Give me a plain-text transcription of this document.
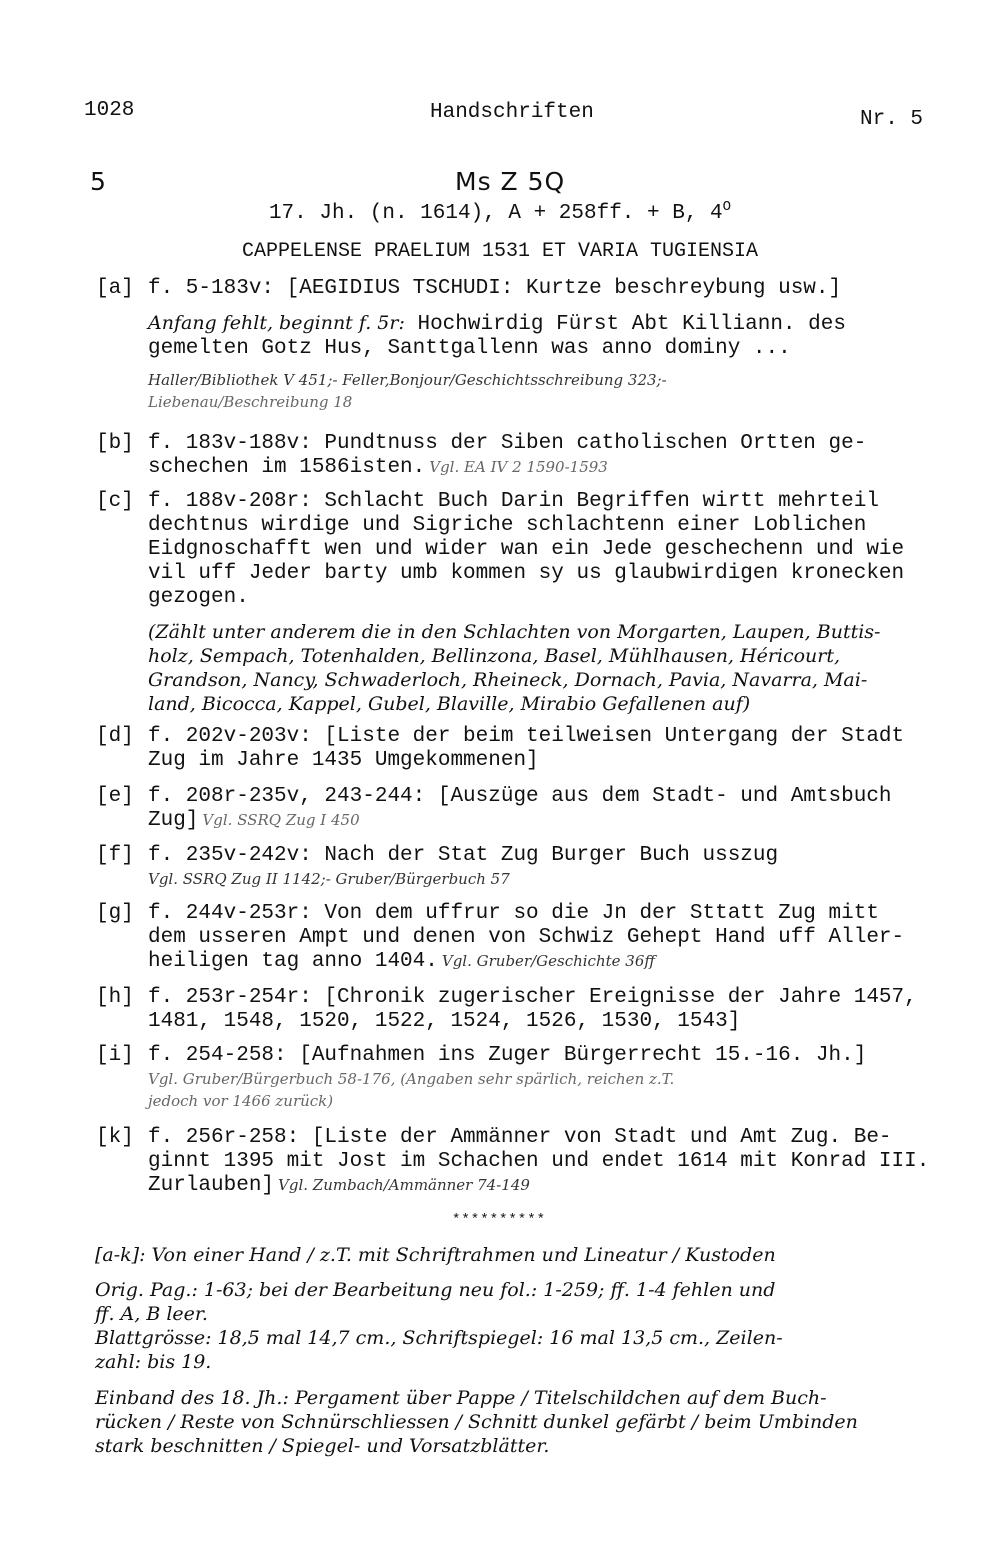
1028	Handschriften	Nr. 5
5	Ms Z 5Q
17. Jh. (n. 1614), A + 258ff. + B, $4^O$
CAPPELENSE PRAELIUM 1531 ET VARIA TUGIENSIA
[a] f. 5-183v: [AEGIDIUS TSCHUDI: Kurtze beschreybung usw.]
Anfang fehlt, beginnt f. 5r: Hochwirdig Fürst Abt Killiann. des
gemelten Gotz Hus, Santtgallenn was anno dominy ...
Haller/Bibliothek V 451;- Feller,Bonjour/Geschichtsschreibung 323;-
Liebenau/Beschreibung 18
[b] f. 183v-188v: Pundtnuss der Siben catholischen Ortten ge-
schechen im 1586isten. Vgl. EA IV 2 1590-1593
[c] f. 188v-208r: Schlacht Buch Darin Begriffen wirtt mehrteil
dechtnus wirdige und Sigriche schlachtenn einer Loblichen
Eidgnoschafft wen und wider wan ein Jede geschechenn und wie
vil uff Jeder barty umb kommen sy us glaubwirdigen kronecken
gezogen.
(Zählt unter anderem die in den Schlachten von Morgarten, Laupen, Buttis-
holz, Sempach, Totenhalden, Bellinzona, Basel, Mühlhausen, Héricourt,
Grandson, Nancy, Schwaderloch, Rheineck, Dornach, Pavia, Navarra, Mai-
land, Bicocca, Kappel, Gubel, Blaville, Mirabio Gefallenen auf)
[d] f. 202v-203v: [Liste der beim teilweisen Untergang der Stadt
Zug im Jahre 1435 Umgekommenen]
[e] f. 208r-235v, 243-244: [Auszüge aus dem Stadt- und Amtsbuch
Zug] Vgl. SSRQ Zug I 450
[f] f. 235v-242v: Nach der Stat Zug Burger Buch usszug
Vgl. SSRQ Zug II 1142;- Gruber/Bürgerbuch 57
[g] f. 244v-253r: Von dem uffrur so die Jn der Sttatt Zug mitt
dem usseren Ampt und denen von Schwiz Gehept Hand uff Aller-
heiligen tag anno 1404. Vgl. Gruber/Geschichte 36ff
[h] f. 253r-254r: [Chronik zugerischer Ereignisse der Jahre 1457,
1481, 1548, 1520, 1522, 1524, 1526, 1530, 1543]
[i] f. 254-258: [Aufnahmen ins Zuger Bürgerrecht 15.-16. Jh.]
Vgl. Gruber/Bürgerbuch 58-176, (Angaben sehr spärlich, reichen z.T.
jedoch vor 1466 zurück)
[k] f. 256r-258: [Liste der Ammänner von Stadt und Amt Zug. Be-
ginnt 1395 mit Jost im Schachen und endet 1614 mit Konrad III.
Zurlauben] Vgl. Zumbach/Ammänner 74-149
**********
[a-k]: Von einer Hand / z.T. mit Schriftrahmen und Lineatur / Kustoden
Orig. Pag.: 1-63; bei der Bearbeitung neu fol.: 1-259; ff. 1-4 fehlen und
ff. A, B leer.
Blattgrösse: 18,5 mal 14,7 cm., Schriftspiegel: 16 mal 13,5 cm., Zeilen-
zahl: bis 19.
Einband des 18. Jh.: Pergament über Pappe / Titelschildchen auf dem Buch-
rücken / Reste von Schnürschliessen / Schnitt dunkel gefärbt / beim Umbinden
stark beschnitten / Spiegel- und Vorsatzblätter.
